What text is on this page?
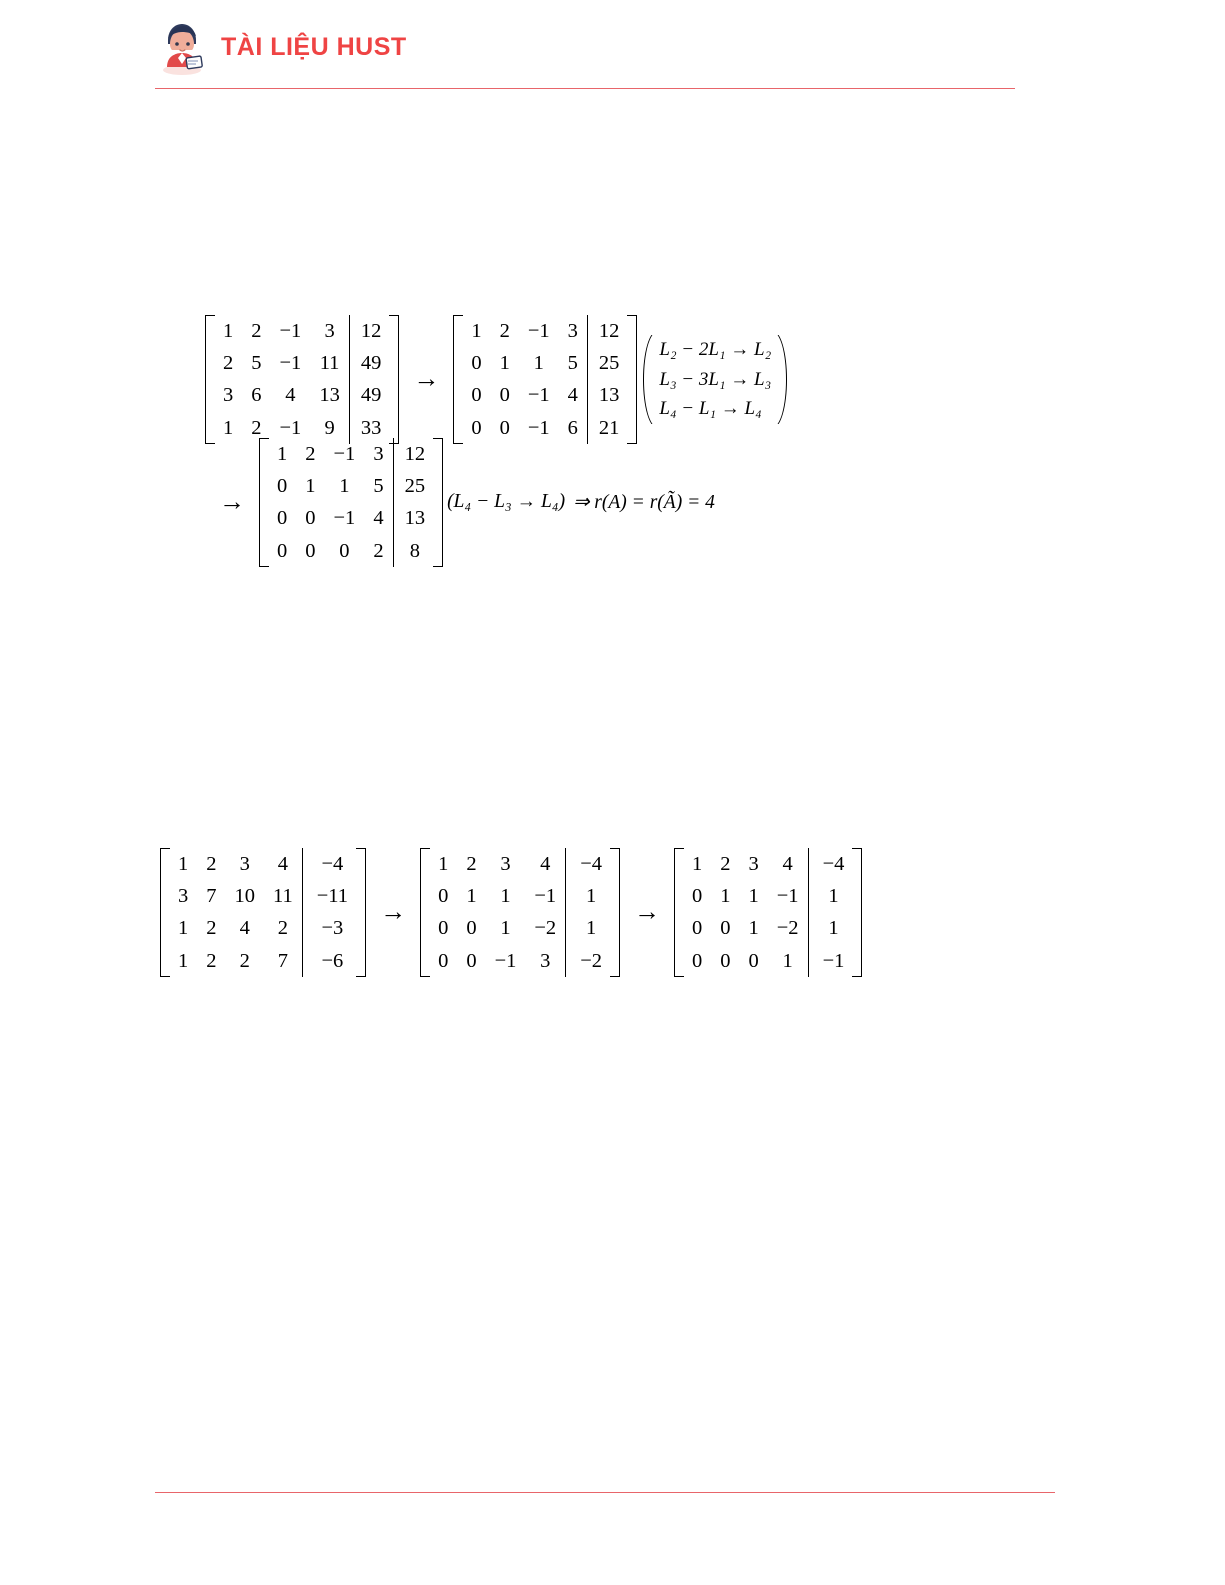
TÀI LIỆU HUST
1	2	−1	3	12
2	5	−1	11	49
3	6	4	13	49
1	2	−1	9	33
→
1	2	−1	3	12
0	1	1	5	25
0	0	−1	4	13
0	0	−1	6	21
L₂ − 2L₁ → L₂
L₃ − 3L₁ → L₃
L₄ − L₁ → L₄
→
1	2	−1	3	12
0	1	1	5	25
0	0	−1	4	13
0	0	0	2	8
(L₄ − L₃ → L₄) ⇒ r(A) = r(Ã) = 4
1	2	3	4	−4
3	7	10	11	−11
1	2	4	2	−3
1	2	2	7	−6
→
1	2	3	4	−4
0	1	1	−1	1
0	0	1	−2	1
0	0	−1	3	−2
→
1	2	3	4	−4
0	1	1	−1	1
0	0	1	−2	1
0	0	0	1	−1
